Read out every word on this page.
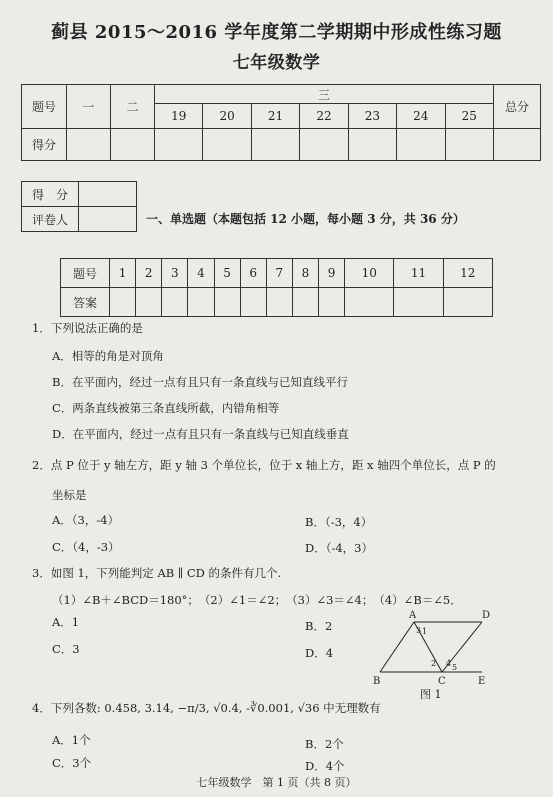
蓟县 2015～2016 学年度第二学期期中形成性练习题
七年级数学
题号	一	二	三							总分
			19	20	21	22	23	24	25	
得分										
得　分	
评卷人		一、单选题（本题包括 12 小题，每小题 3 分，共 36 分）
题号	1	2	3	4	5	6	7	8	9	10	11	12
答案												
1．下列说法正确的是
A．相等的角是对顶角
B．在平面内，经过一点有且只有一条直线与已知直线平行
C．两条直线被第三条直线所截，内错角相等
D．在平面内，经过一点有且只有一条直线与已知直线垂直
2．点 P 位于 y 轴左方，距 y 轴 3 个单位长，位于 x 轴上方，距 x 轴四个单位长，点 P 的
坐标是
A．（3，-4）	B．（-3，4）
C．（4，-3）	D．（-4，3）
3．如图 1，下列能判定 AB ∥ CD 的条件有几个.
（1）∠B＋∠BCD＝180°；　（2）∠1＝∠2；　（3）∠3＝∠4；　（4）∠B＝∠5．
A．1	B．2
C．3	D．4
A	D
B	C	E
1
2
3
4 5
图 1
4．下列各数: 0.458, 3.14̇, −π/3, √0.4, -∛0.001, √36 中无理数有
A．1个	B．2个
C．3个	D．4个
七年级数学　第 1 页（共 8 页）
